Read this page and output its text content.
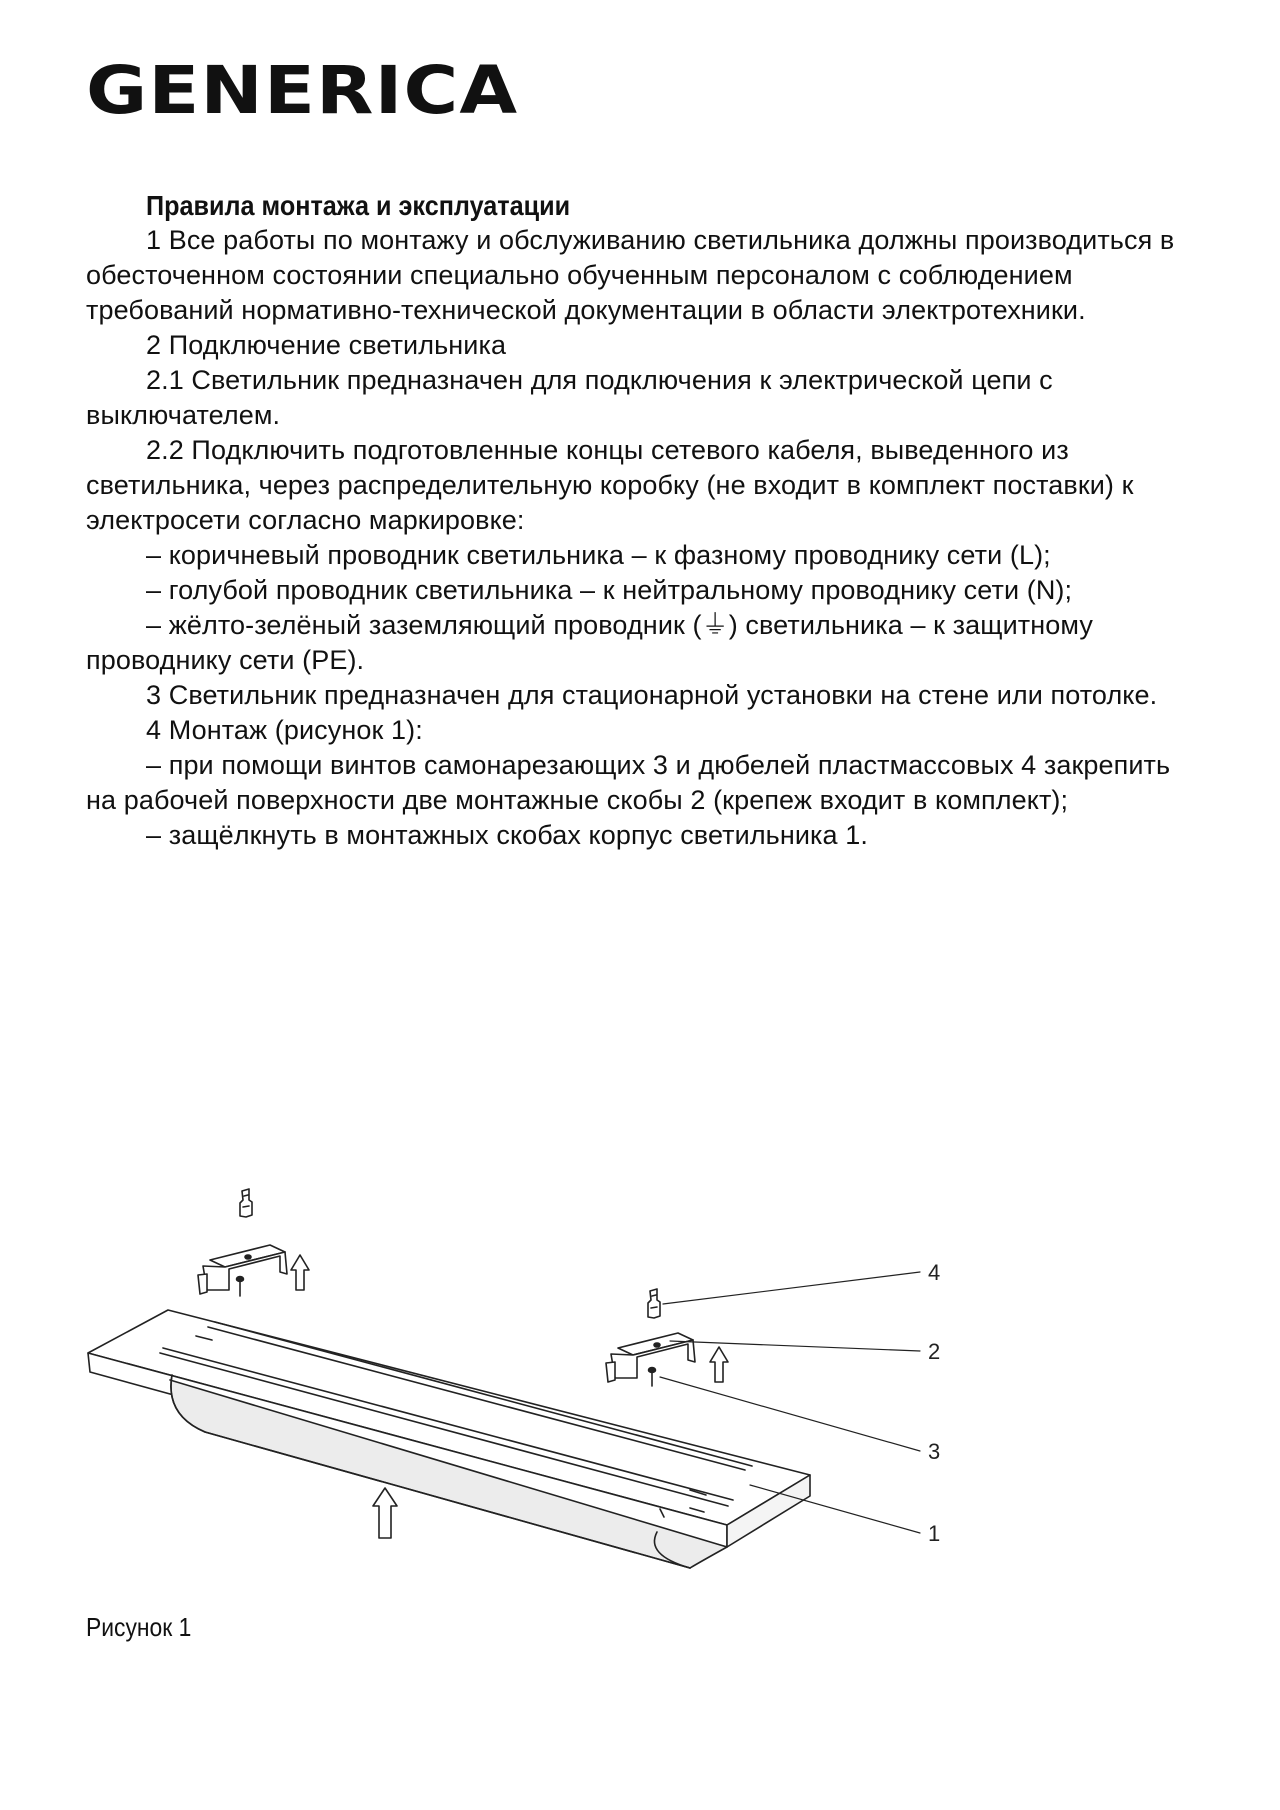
GENERICA
Правила монтажа и эксплуатации

1 Все работы по монтажу и обслуживанию светильника должны производиться в обесточенном состоянии специально обученным персоналом с соблюдением требований нормативно-технической документации в области электротехники.

2 Подключение светильника

2.1 Светильник предназначен для подключения к электрической цепи с выключателем.

2.2 Подключить подготовленные концы сетевого кабеля, выведенного из светильника, через распределительную коробку (не входит в комплект поставки) к электросети согласно маркировке:

– коричневый проводник светильника – к фазному проводнику сети (L);

– голубой проводник светильника – к нейтральному проводнику сети (N);

– жёлто-зелёный заземляющий проводник (⏚) светильника – к защитному проводнику сети (PE).

3 Светильник предназначен для стационарной установки на стене или потолке.

4 Монтаж (рисунок 1):

– при помощи винтов самонарезающих 3 и дюбелей пластмассовых 4 закрепить на рабочей поверхности две монтажные скобы 2 (крепеж входит в комплект);

– защёлкнуть в монтажных скобах корпус светильника 1.

4
2
3
1
Рисунок 1
